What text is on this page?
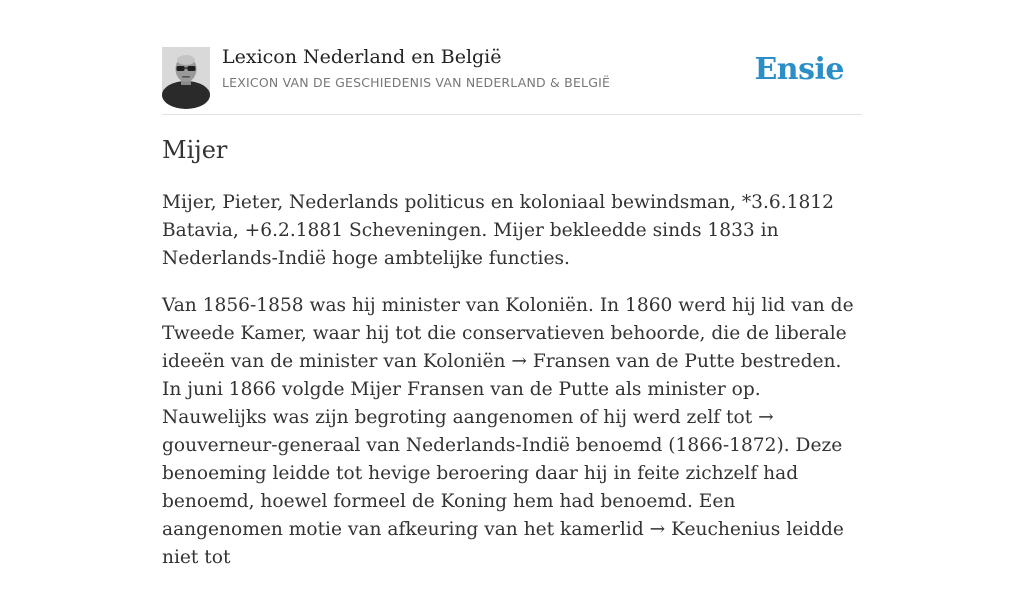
Lexicon Nederland en België
LEXICON VAN DE GESCHIEDENIS VAN NEDERLAND & BELGIË	Ensie
Mijer

Mijer, Pieter, Nederlands politicus en koloniaal bewindsman, *3.6.1812 Batavia, +6.2.1881 Scheveningen. Mijer bekleedde sinds 1833 in Nederlands-Indië hoge ambtelijke functies.

Van 1856-1858 was hij minister van Koloniën. In 1860 werd hij lid van de Tweede Kamer, waar hij tot die conservatieven behoorde, die de liberale ideeën van de minister van Koloniën → Fransen van de Putte bestreden. In juni 1866 volgde Mijer Fransen van de Putte als minister op. Nauwelijks was zijn begroting aangenomen of hij werd zelf tot → gouverneur-generaal van Nederlands-Indië benoemd (1866-1872). Deze benoeming leidde tot hevige beroering daar hij in feite zichzelf had benoemd, hoewel formeel de Koning hem had benoemd. Een aangenomen motie van afkeuring van het kamerlid → Keuchenius leidde niet tot
